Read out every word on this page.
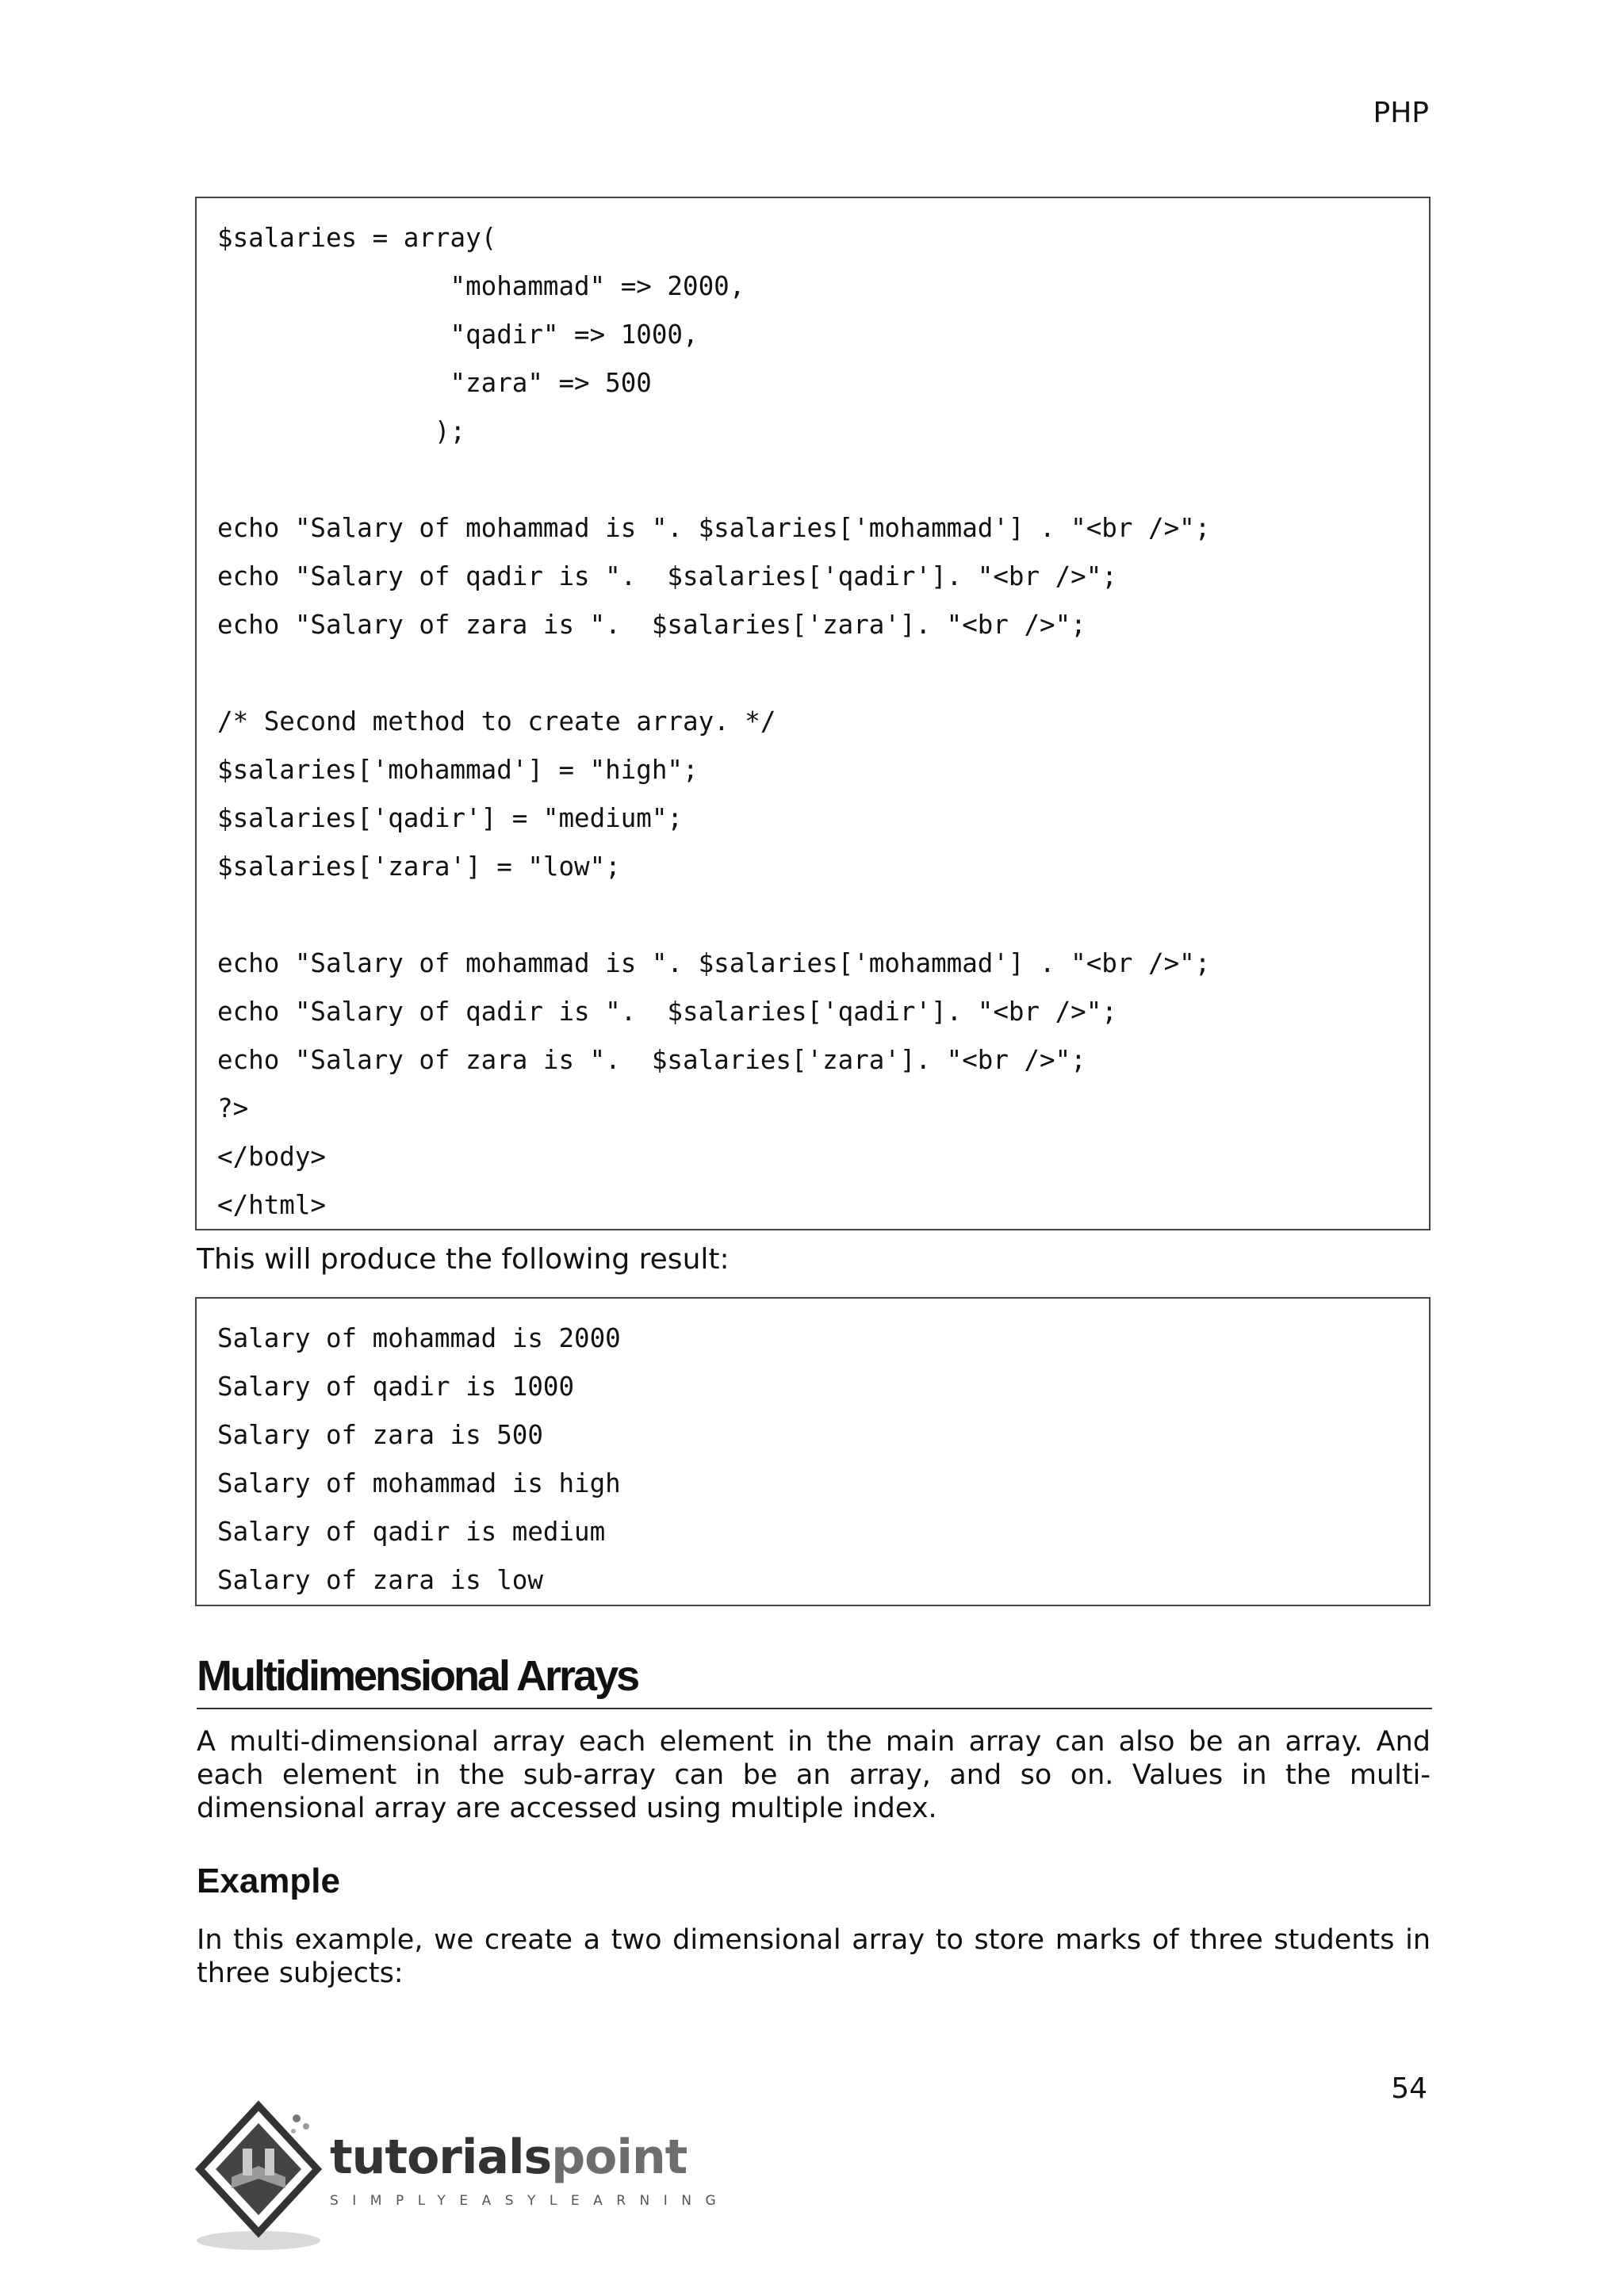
PHP
$salaries = array(
"mohammad" => 2000,
"qadir" => 1000,
"zara" => 500
);
echo "Salary of mohammad is ". $salaries['mohammad'] . "<br />";
echo "Salary of qadir is ".  $salaries['qadir']. "<br />";
echo "Salary of zara is ".  $salaries['zara']. "<br />";
/* Second method to create array. */
$salaries['mohammad'] = "high";
$salaries['qadir'] = "medium";
$salaries['zara'] = "low";
echo "Salary of mohammad is ". $salaries['mohammad'] . "<br />";
echo "Salary of qadir is ".  $salaries['qadir']. "<br />";
echo "Salary of zara is ".  $salaries['zara']. "<br />";
?>
</body>
</html>
This will produce the following result:
Salary of mohammad is 2000
Salary of qadir is 1000
Salary of zara is 500
Salary of mohammad is high
Salary of qadir is medium
Salary of zara is low
Multidimensional Arrays
A multi-dimensional array each element in the main array can also be an array. And each element in the sub-array can be an array, and so on. Values in the multi-dimensional array are accessed using multiple index.
Example
In this example, we create a two dimensional array to store marks of three students in three subjects:
54
tutorialspoint
SIMPLYEASYLEARNING
